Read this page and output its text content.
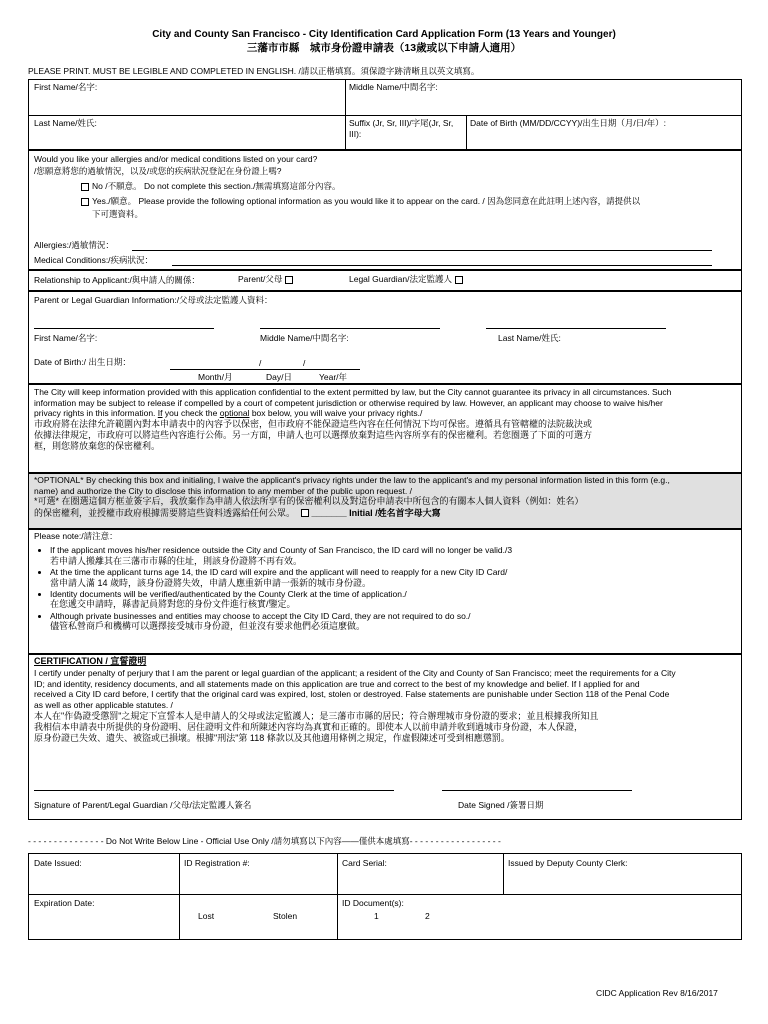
City and County San Francisco - City Identification Card Application Form (13 Years and Younger)
三藩市市縣　城市身份證申請表（13歲或以下申請人適用）
PLEASE PRINT. MUST BE LEGIBLE AND COMPLETED IN ENGLISH. /請以正楷填寫。須保證字跡清晰且以英文填寫。
First Name/名字:	Middle Name/中間名字:
Last Name/姓氏:	Suffix (Jr, Sr, III)/字尾(Jr, Sr, III):
Date of Birth (MM/DD/CCYY)/出生日期（月/日/年）:
Would you like your allergies and/or medical conditions listed on your card?
/您願意將您的過敏情況，以及/或您的疾病狀況登記在身份證上嗎?
No /不願意。 Do not complete this section./無需填寫這部分內容。
Yes./願意。 Please provide the following optional information as you would like it to appear on the card. / 因為您同意在此註明上述內容，請提供以
下可選資料。
Allergies:/過敏情況：
Medical Conditions:/疾病狀況：
Relationship to Applicant:/與申請人的關係：	Parent/父母	Legal Guardian/法定監護人
Parent or Legal Guardian Information:/父母或法定監護人資料：
First Name/名字:	Middle Name/中間名字:	Last Name/姓氏:
Date of Birth:/ 出生日期：	/	/
Month/月	Day/日	Year/年

The City will keep information provided with this application confidential to the extent permitted by law, but the City cannot guarantee its privacy in all circumstances. Such

information may be subject to release if compelled by a court of competent jurisdiction or otherwise required by law. However, an applicant may choose to waive his/her

privacy rights in this information. If you check the optional box below, you will waive your privacy rights./

市政府將在法律允許範圍內對本申請表中的內容予以保密，但市政府不能保證這些內容在任何情況下均可保密。遵循具有管轄權的法院裁決或

依據法律規定，市政府可以將這些內容進行公佈。另一方面，申請人也可以選擇放棄對這些內容所享有的保密權利。若您圈選了下面的可選方

框，則您將放棄您的保密權利。

*OPTIONAL* By checking this box and initialing, I waive the applicant's privacy rights under the law to the applicant's and my personal information listed in this form (e.g.,

name) and authorize the City to disclose this information to any member of the public upon request. /

*可選* 在圈選這個方框並簽字后，我放棄作為申請人依法所享有的保密權利以及對這份申請表中所包含的有關本人個人資料（例如：姓名）

的保密權利，並授權市政府根據需要將這些資料透露給任何公眾。 _______ Initial /姓名首字母大寫

Please note:/請注意：
• If the applicant moves his/her residence outside the City and County of San Francisco, the ID card will no longer be valid./3
若申請人搬離其在三藩市市縣的住址，則該身份證將不再有效。
• At the time the applicant turns age 14, the ID card will expire and the applicant will need to reapply for a new City ID Card/
當申請人滿 14 歲時，該身份證將失效，申請人應重新申請一張新的城市身份證。
• Identity documents will be verified/authenticated by the County Clerk at the time of application./
在您遞交申請時，縣書記員將對您的身份文件進行核實/鑒定。
• Although private businesses and entities may choose to accept the City ID Card, they are not required to do so./
儘管私營商戶和機構可以選擇接受城市身份證，但並沒有要求他們必須這麼做。
CERTIFICATION / 宣誓證明

I certify under penalty of perjury that I am the parent or legal guardian of the applicant; a resident of the City and County of San Francisco; meet the requirements for a City

ID; and identity, residency documents, and all statements made on this application are true and correct to the best of my knowledge and belief. If I applied for and

received a City ID card before, I certify that the original card was expired, lost, stolen or destroyed. False statements are punishable under Section 118 of the Penal Code

as well as other applicable statutes. /

本人在"作偽證受懲罰"之規定下宣誓本人是申請人的父母或法定監護人；是三藩市市縣的居民；符合辦理城市身份證的要求；並且根據我所知且

我相信本申請表中所提供的身份證明、居住證明文件和所陳述內容均為真實和正確的。即使本人以前申請并收到過城市身份證，本人保證，

原身份證已失效、遺失、被盜或已損壞。根據"刑法"第 118 條款以及其他適用條例之規定，作虛假陳述可受到相應懲罰。

Signature of Parent/Legal Guardian /父母/法定監護人簽名	Date Signed /簽署日期
- - - - - - - - - - - - - - - Do Not Write Below Line - Official Use Only /請勿填寫以下內容——僅供本處填寫- - - - - - - - - - - - - - - - - -
Date Issued:	ID Registration #:	Card Serial:	Issued by Deputy County Clerk:
Expiration Date:
Lost	Stolen
ID Document(s):
1	2
CIDC Application Rev 8/16/2017
